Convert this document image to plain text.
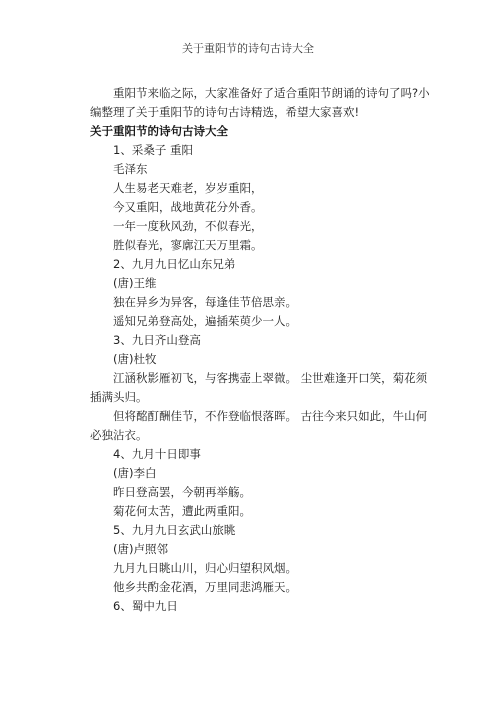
关于重阳节的诗句古诗大全

重阳节来临之际，大家准备好了适合重阳节朗诵的诗句了吗?小编整理了关于重阳节的诗句古诗精选，希望大家喜欢!

关于重阳节的诗句古诗大全

1、采桑子 重阳
毛泽东
人生易老天难老，岁岁重阳，
今又重阳，战地黄花分外香。
一年一度秋风劲，不似春光，
胜似春光，寥廓江天万里霜。
2、九月九日忆山东兄弟
(唐)王维
独在异乡为异客，每逢佳节倍思亲。
遥知兄弟登高处，遍插茱萸少一人。
3、九日齐山登高
(唐)杜牧
江涵秋影雁初飞，与客携壶上翠微。 尘世难逢开口笑，菊花须插满头归。
但将酩酊酬佳节，不作登临恨落晖。 古往今来只如此，牛山何必独沾衣。
4、九月十日即事
(唐)李白
昨日登高罢，今朝再举觞。
菊花何太苦，遭此两重阳。
5、九月九日玄武山旅眺
(唐)卢照邻
九月九日眺山川，归心归望积风烟。
他乡共酌金花酒，万里同悲鸿雁天。
6、蜀中九日
